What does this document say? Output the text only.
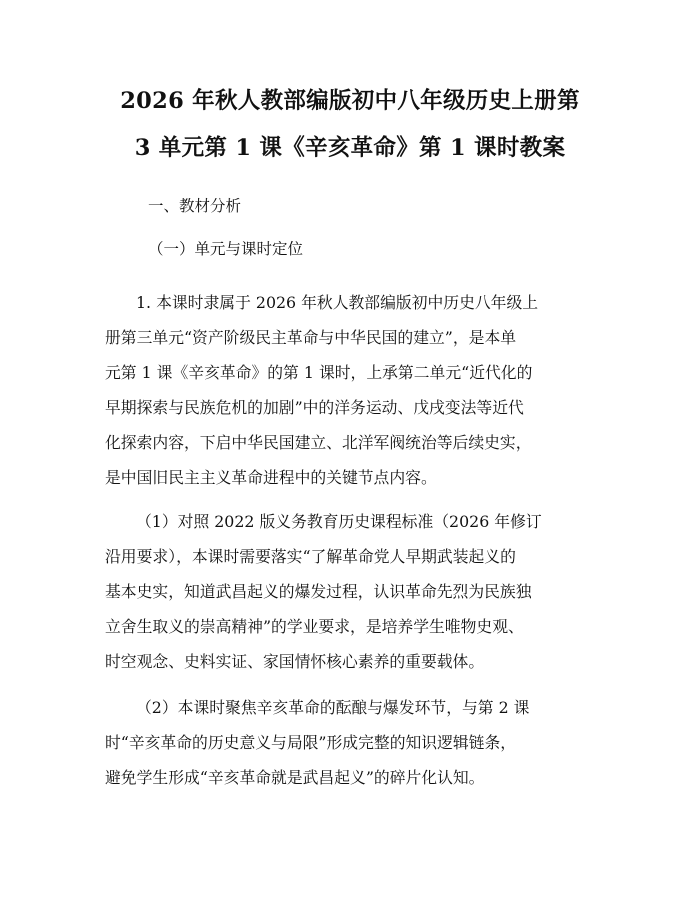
2026 年秋人教部编版初中八年级历史上册第
3 单元第 1 课《辛亥革命》第 1 课时教案
一、教材分析
（一）单元与课时定位
1. 本课时隶属于 2026 年秋人教部编版初中历史八年级上
册第三单元“资产阶级民主革命与中华民国的建立”，是本单
元第 1 课《辛亥革命》的第 1 课时，上承第二单元“近代化的
早期探索与民族危机的加剧”中的洋务运动、戊戌变法等近代
化探索内容，下启中华民国建立、北洋军阀统治等后续史实，
是中国旧民主主义革命进程中的关键节点内容。
（1）对照 2022 版义务教育历史课程标准（2026 年修订
沿用要求），本课时需要落实“了解革命党人早期武装起义的
基本史实，知道武昌起义的爆发过程，认识革命先烈为民族独
立舍生取义的崇高精神”的学业要求，是培养学生唯物史观、
时空观念、史料实证、家国情怀核心素养的重要载体。
（2）本课时聚焦辛亥革命的酝酿与爆发环节，与第 2 课
时“辛亥革命的历史意义与局限”形成完整的知识逻辑链条，
避免学生形成“辛亥革命就是武昌起义”的碎片化认知。
